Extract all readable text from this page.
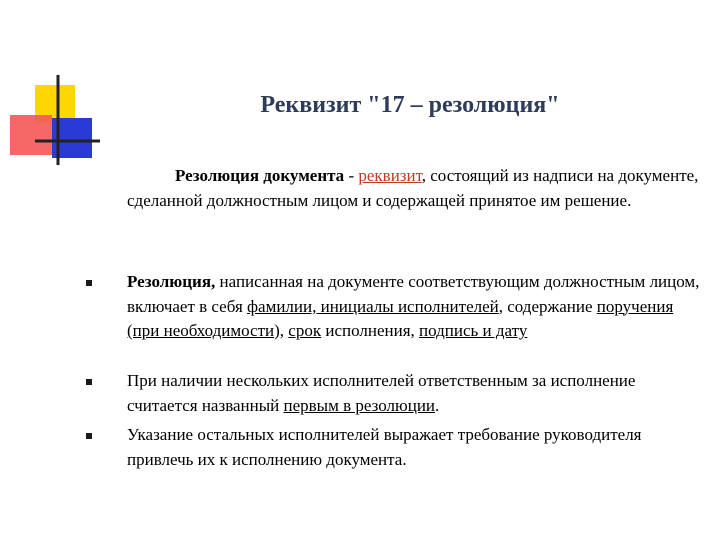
Реквизит "17 – резолюция"

Резолюция документа - реквизит, состоящий из надписи на документе, сделанной должностным лицом и содержащей принятое им решение.

Резолюция, написанная на документе соответствующим должностным лицом, включает в себя фамилии, инициалы исполнителей, содержание поручения (при необходимости), срок исполнения, подпись и дату
При наличии нескольких исполнителей ответственным за исполнение считается названный первым в резолюции.
Указание остальных исполнителей выражает требование руководителя привлечь их к исполнению документа.
